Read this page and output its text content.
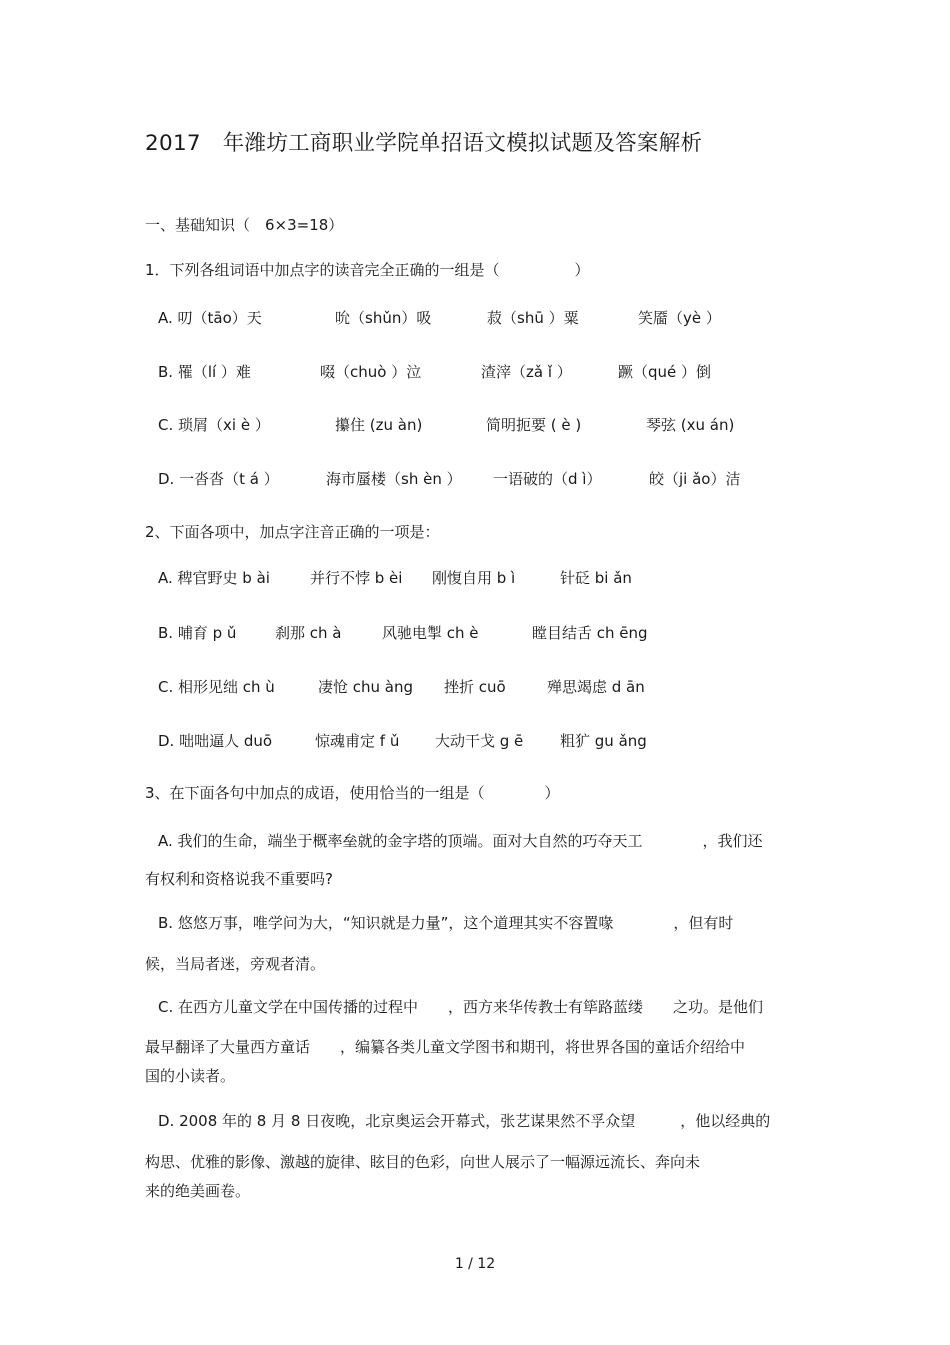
2017　年潍坊工商职业学院单招语文模拟试题及答案解析
一、基础知识（　6×3=18）
1．下列各组词语中加点字的读音完全正确的一组是（　　　　　）
A. 叨（tāo）天	吮（shǔn）吸	菽（shū ）粟	笑靥（yè ）
B. 罹（lí ）难	啜（chuò ）泣	渣滓（zǎ ǐ ）	蹶（qué ）倒
C. 琐屑（xi è ）	攥住 (zu àn)	简明扼要 ( è )	琴弦 (xu án)
D. 一沓沓（t á ）	海市蜃楼（sh èn ） 一语破的（d ì）	皎（ji ǎo）洁
2、下面各项中，加点字注音正确的一项是：
A. 稗官野史 b ài	并行不悖 b èi 刚愎自用 b ì	针砭 bi ǎn
B. 哺育 p ǔ	刹那 ch à	风驰电掣 ch è	瞠目结舌 ch ēng
C. 相形见绌 ch ù	凄怆 chu àng 挫折 cuō	殚思竭虑 d ān
D. 咄咄逼人 duō	惊魂甫定 f ǔ 大动干戈 g ē 粗犷 gu ǎng
3、在下面各句中加点的成语，使用恰当的一组是（　　　　）
A. 我们的生命，端坐于概率垒就的金字塔的顶端。面对大自然的巧夺天工　　　　，我们还
有权利和资格说我不重要吗?
B. 悠悠万事，唯学问为大，“知识就是力量”，这个道理其实不容置喙　　　　，但有时
候，当局者迷，旁观者清。
C. 在西方儿童文学在中国传播的过程中　　，西方来华传教士有筚路蓝缕　　之功。是他们
最早翻译了大量西方童话　　，编纂各类儿童文学图书和期刊，将世界各国的童话介绍给中
国的小读者。
D. 2008 年的 8 月 8 日夜晚，北京奥运会开幕式，张艺谋果然不孚众望　　　，他以经典的
构思、优雅的影像、激越的旋律、眩目的色彩，向世人展示了一幅源远流长、奔向未
来的绝美画卷。
1 / 12
